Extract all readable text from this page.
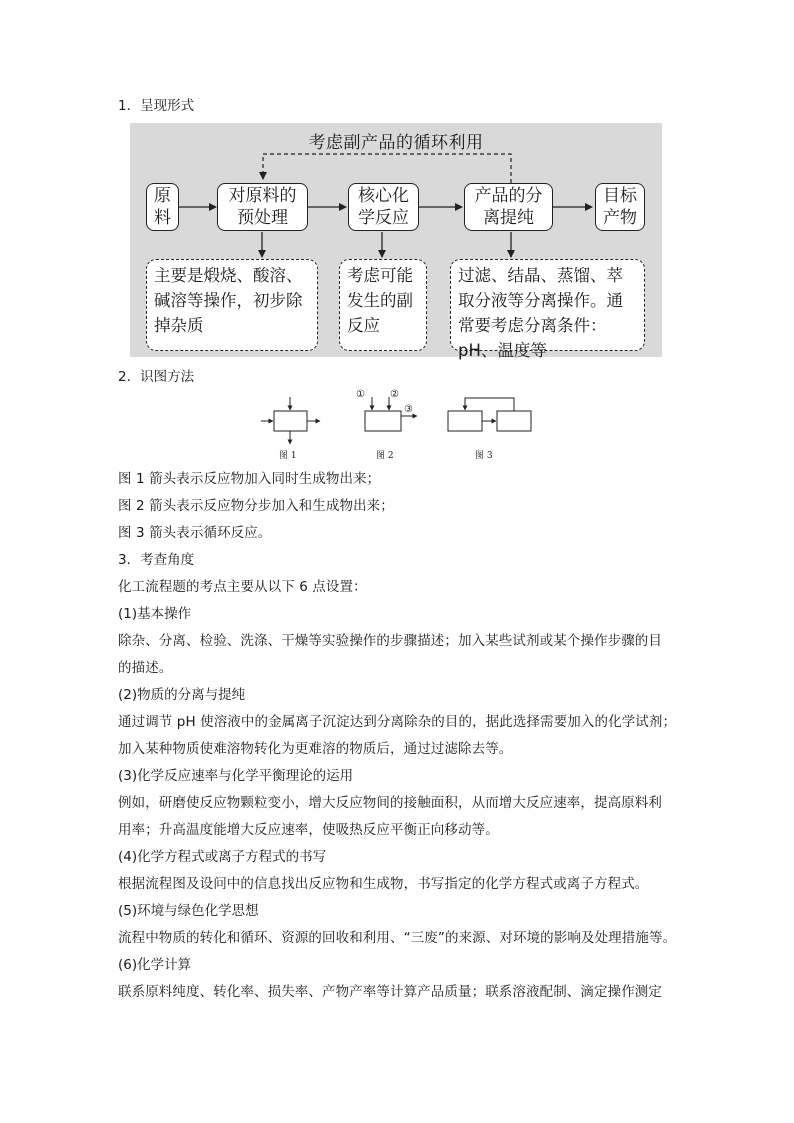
1．呈现形式
考虑副产品的循环利用
原
料
对原料的
预处理
核心化
学反应
产品的分
离提纯
目标
产物
主要是煅烧、酸溶、碱溶等操作，初步除掉杂质
考虑可能发生的副反应
过滤、结晶、蒸馏、萃取分液等分离操作。通常要考虑分离条件：pH、温度等
2．识图方法
①	②
③
图 1	图 2	图 3
图 1 箭头表示反应物加入同时生成物出来；
图 2 箭头表示反应物分步加入和生成物出来；
图 3 箭头表示循环反应。
3．考查角度
化工流程题的考点主要从以下 6 点设置：
(1)基本操作
除杂、分离、检验、洗涤、干燥等实验操作的步骤描述；加入某些试剂或某个操作步骤的目
的描述。
(2)物质的分离与提纯
通过调节 pH 使溶液中的金属离子沉淀达到分离除杂的目的，据此选择需要加入的化学试剂；
加入某种物质使难溶物转化为更难溶的物质后，通过过滤除去等。
(3)化学反应速率与化学平衡理论的运用
例如，研磨使反应物颗粒变小，增大反应物间的接触面积，从而增大反应速率，提高原料利
用率；升高温度能增大反应速率，使吸热反应平衡正向移动等。
(4)化学方程式或离子方程式的书写
根据流程图及设问中的信息找出反应物和生成物，书写指定的化学方程式或离子方程式。
(5)环境与绿色化学思想
流程中物质的转化和循环、资源的回收和利用、“三废”的来源、对环境的影响及处理措施等。
(6)化学计算
联系原料纯度、转化率、损失率、产物产率等计算产品质量；联系溶液配制、滴定操作测定
